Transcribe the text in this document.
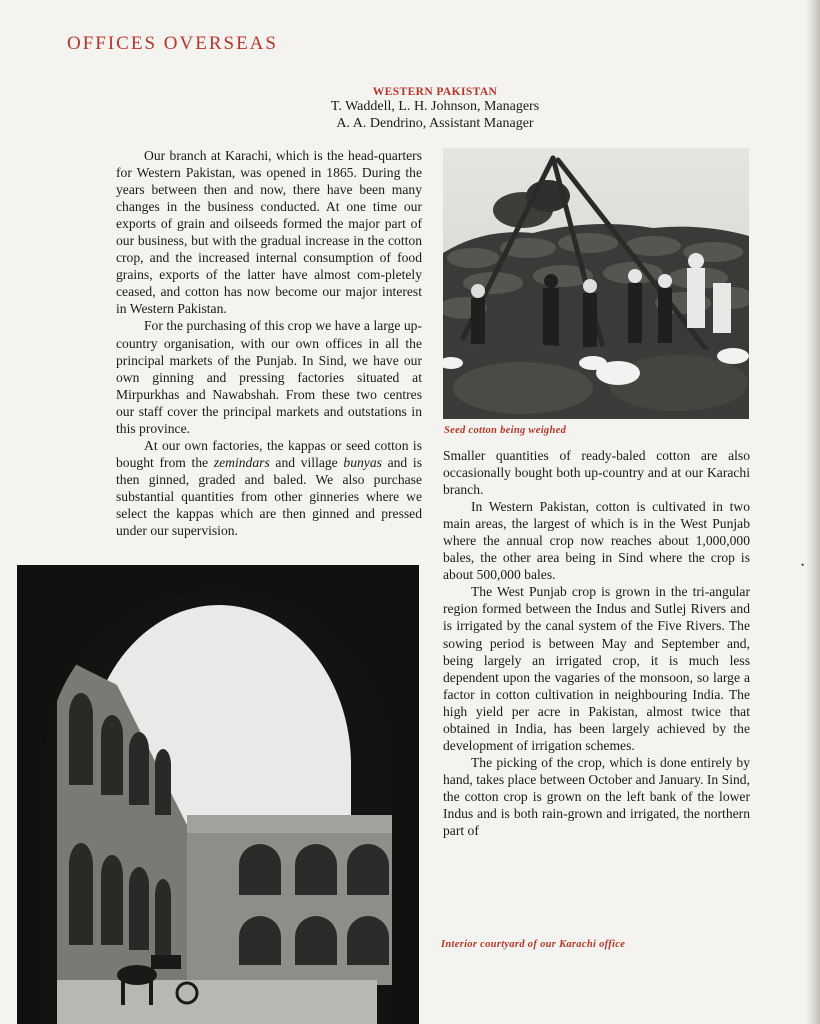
OFFICES OVERSEAS
WESTERN PAKISTAN
T. Waddell, L. H. Johnson, Managers
A. A. Dendrino, Assistant Manager

Our branch at Karachi, which is the head-quarters for Western Pakistan, was opened in 1865. During the years between then and now, there have been many changes in the business conducted. At one time our exports of grain and oilseeds formed the major part of our business, but with the gradual increase in the cotton crop, and the increased internal consumption of food grains, exports of the latter have almost com-pletely ceased, and cotton has now become our major interest in Western Pakistan.

For the purchasing of this crop we have a large up-country organisation, with our own offices in all the principal markets of the Punjab. In Sind, we have our own ginning and pressing factories situated at Mirpurkhas and Nawabshah. From these two centres our staff cover the principal markets and outstations in this province.

At our own factories, the kappas or seed cotton is bought from the zemindars and village bunyas and is then ginned, graded and baled. We also purchase substantial quantities from other ginneries where we select the kappas which are then ginned and pressed under our supervision.

Seed cotton being weighed

Smaller quantities of ready-baled cotton are also occasionally bought both up-country and at our Karachi branch.

In Western Pakistan, cotton is cultivated in two main areas, the largest of which is in the West Punjab where the annual crop now reaches about 1,000,000 bales, the other area being in Sind where the crop is about 500,000 bales.

The West Punjab crop is grown in the tri-angular region formed between the Indus and Sutlej Rivers and is irrigated by the canal system of the Five Rivers. The sowing period is between May and September and, being largely an irrigated crop, it is much less dependent upon the vagaries of the monsoon, so large a factor in cotton cultivation in neighbouring India. The high yield per acre in Pakistan, almost twice that obtained in India, has been largely achieved by the development of irrigation schemes.

The picking of the crop, which is done entirely by hand, takes place between October and January. In Sind, the cotton crop is grown on the left bank of the lower Indus and is both rain-grown and irrigated, the northern part of

Interior courtyard of our Karachi office
•
